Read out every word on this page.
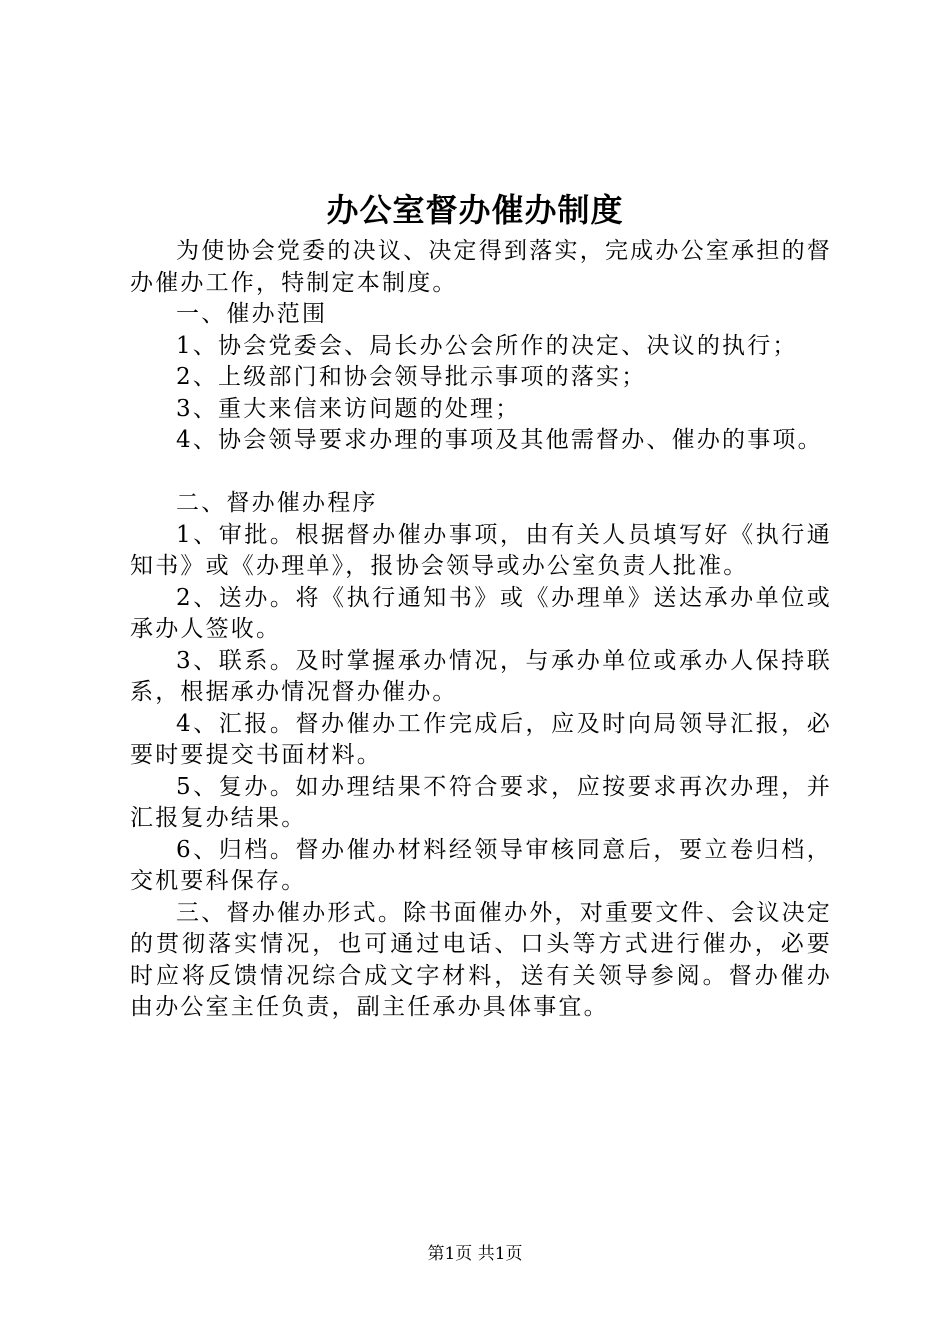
办公室督办催办制度

为使协会党委的决议、决定得到落实，完成办公室承担的督办催办工作，特制定本制度。

一、催办范围

1、协会党委会、局长办公会所作的决定、决议的执行；

2、上级部门和协会领导批示事项的落实；

3、重大来信来访问题的处理；

4、协会领导要求办理的事项及其他需督办、催办的事项。

二、督办催办程序

1、审批。根据督办催办事项，由有关人员填写好《执行通知书》或《办理单》，报协会领导或办公室负责人批准。

2、送办。将《执行通知书》或《办理单》送达承办单位或承办人签收。

3、联系。及时掌握承办情况，与承办单位或承办人保持联系，根据承办情况督办催办。

4、汇报。督办催办工作完成后，应及时向局领导汇报，必要时要提交书面材料。

5、复办。如办理结果不符合要求，应按要求再次办理，并汇报复办结果。

6、归档。督办催办材料经领导审核同意后，要立卷归档，交机要科保存。

三、督办催办形式。除书面催办外，对重要文件、会议决定的贯彻落实情况，也可通过电话、口头等方式进行催办，必要时应将反馈情况综合成文字材料，送有关领导参阅。督办催办由办公室主任负责，副主任承办具体事宜。

第1页 共1页
